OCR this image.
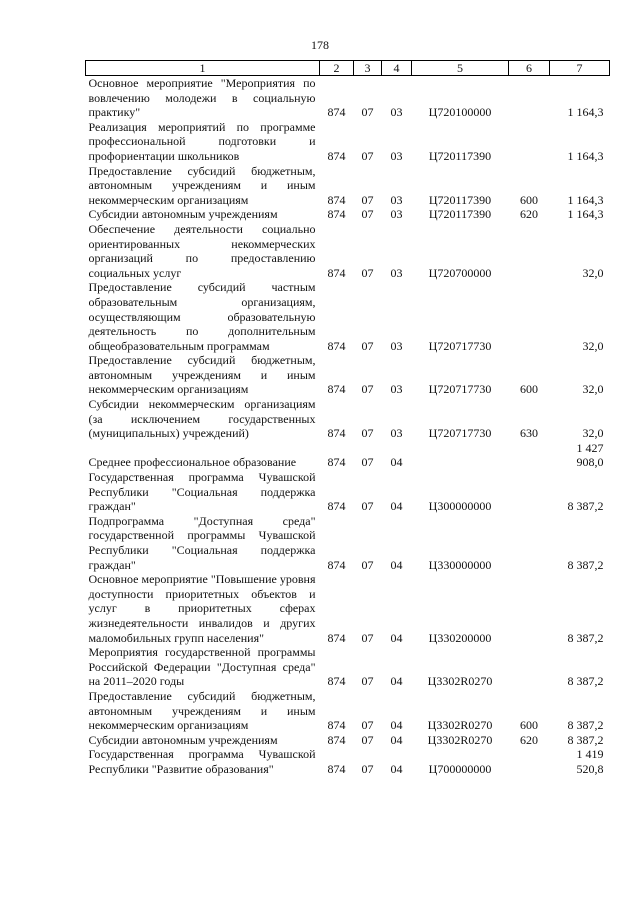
178
1	2	3	4	5	6	7
Основное мероприятие "Мероприятия по вовлечению молодежи в социальную практику"	874	07	03	Ц720100000		1 164,3
Реализация мероприятий по программе профессиональной подготовки и профориентации школьников	874	07	03	Ц720117390		1 164,3
Предоставление субсидий бюджетным, автономным учреждениям и иным некоммерческим организациям	874	07	03	Ц720117390	600	1 164,3
Субсидии автономным учреждениям	874	07	03	Ц720117390	620	1 164,3
Обеспечение деятельности социально ориентированных некоммерческих организаций по предоставлению социальных услуг	874	07	03	Ц720700000		32,0
Предоставление субсидий частным образовательным организациям, осуществляющим образовательную деятельность по дополнительным общеобразовательным программам	874	07	03	Ц720717730		32,0
Предоставление субсидий бюджетным, автономным учреждениям и иным некоммерческим организациям	874	07	03	Ц720717730	600	32,0
Субсидии некоммерческим организациям (за исключением государственных (муниципальных) учреждений)	874	07	03	Ц720717730	630	32,0
Среднее профессиональное образование	874	07	04			1 427 908,0
Государственная программа Чувашской Республики "Социальная поддержка граждан"	874	07	04	Ц300000000		8 387,2
Подпрограмма "Доступная среда" государственной программы Чувашской Республики "Социальная поддержка граждан"	874	07	04	Ц330000000		8 387,2
Основное мероприятие "Повышение уровня доступности приоритетных объектов и услуг в приоритетных сферах жизнедеятельности инвалидов и других маломобильных групп населения"	874	07	04	Ц330200000		8 387,2
Мероприятия государственной программы Российской Федерации "Доступная среда" на 2011–2020 годы	874	07	04	Ц3302R0270		8 387,2
Предоставление субсидий бюджетным, автономным учреждениям и иным некоммерческим организациям	874	07	04	Ц3302R0270	600	8 387,2
Субсидии автономным учреждениям	874	07	04	Ц3302R0270	620	8 387,2
Государственная программа Чувашской Республики "Развитие образования"	874	07	04	Ц700000000		1 419 520,8
